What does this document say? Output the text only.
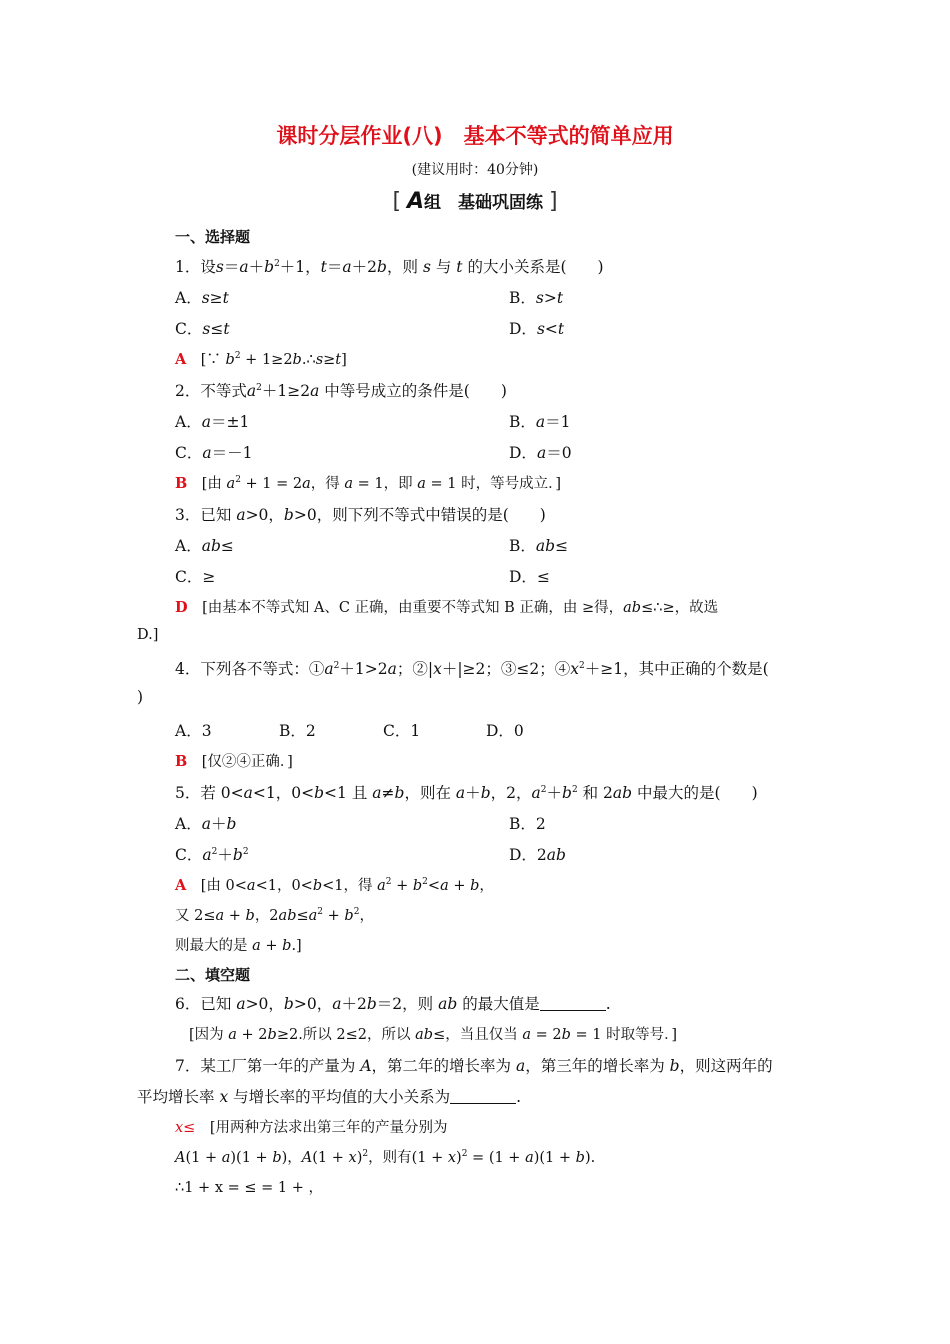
课时分层作业(八)　基本不等式的简单应用
(建议用时：40分钟)
[ A组　基础巩固练 ]
一、选择题
1．设$s=a+b^2+1$，t＝a＋2b，则 s 与 t 的大小关系是(　　)
A．s≥t	B．s>t
C．s≤t	D．s<t
A　[∵ $b^2$ + 1≥2b.∴s≥t]
2．不等式$a^2+1\ge 2a$ 中等号成立的条件是(　　)
A．a＝±1	B．a＝1
C．a＝－1	D．a＝0
B　 [由 $a^2 + 1 = 2a$，得 a = 1，即 a = 1 时，等号成立．]
3．已知 a>0，b>0，则下列不等式中错误的是(　　)
A．ab≤	B．ab≤
C．≥	D．≤
D　 [由基本不等式知 A、C 正确，由重要不等式知 B 正确，由 ≥得，ab≤∴≥，故选
D.]
4．下列各不等式：$①a^2+1>2a$；②|x＋|≥2；③≤2；$④x^2+\ge 1$，其中正确的个数是(
)
A．3	B．2	C．1	D．0
B　 [仅②④正确．]
5．若 0<a<1，0<b<1 且 a≠b，则在 a＋b，2，$a^2+b^2$ 和 2ab 中最大的是(　　)
A．a＋b	B．2
C．$a^2+b^2$	D．2ab
A　 [由 0<a<1，0<b<1，得 $a^2 + b^2<a + b$，
又 2≤a + b，$2ab\le a^2 + b^2$，
则最大的是 a + b.]
二、填空题
6．已知 a>0，b>0，a＋2b＝2，则 ab 的最大值是	.
[因为 a + 2b≥2.所以 2≤2，所以 ab≤，当且仅当 a = 2b = 1 时取等号．]
7．某工厂第一年的产量为 A，第二年的增长率为 a，第三年的增长率为 b，则这两年的
平均增长率 x 与增长率的平均值的大小关系为	.
x≤　 [用两种方法求出第三年的产量分别为
A(1 + a)(1 + b)，$A(1 + x)^2$，则有$(1 + x)^2 = (1 + a)(1 + b)$.
∴1 + x = ≤ = 1 + ，
